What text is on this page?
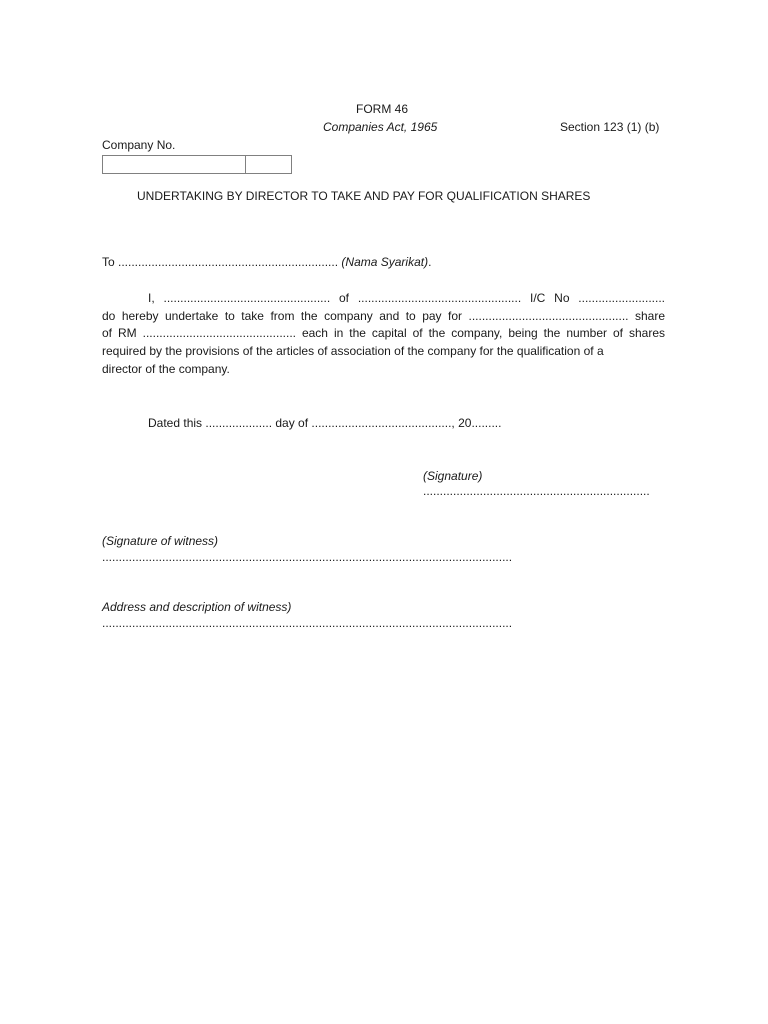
FORM 46
Companies Act, 1965	Section 123 (1) (b)
Company No.
UNDERTAKING BY DIRECTOR TO TAKE AND PAY FOR QUALIFICATION SHARES
To .................................................................. (Nama Syarikat).
I, .................................................. of ................................................. I/C No ..........................
do hereby undertake to take from the company and to pay for ................................................ share
of RM .............................................. each in the capital of the company, being the number of shares
required by the provisions of the articles of association of the company for the qualification of a
director of the company.
Dated this .................... day of .........................................., 20.........
(Signature)
....................................................................
(Signature of witness)
...........................................................................................................................
Address and description of witness)
...........................................................................................................................
